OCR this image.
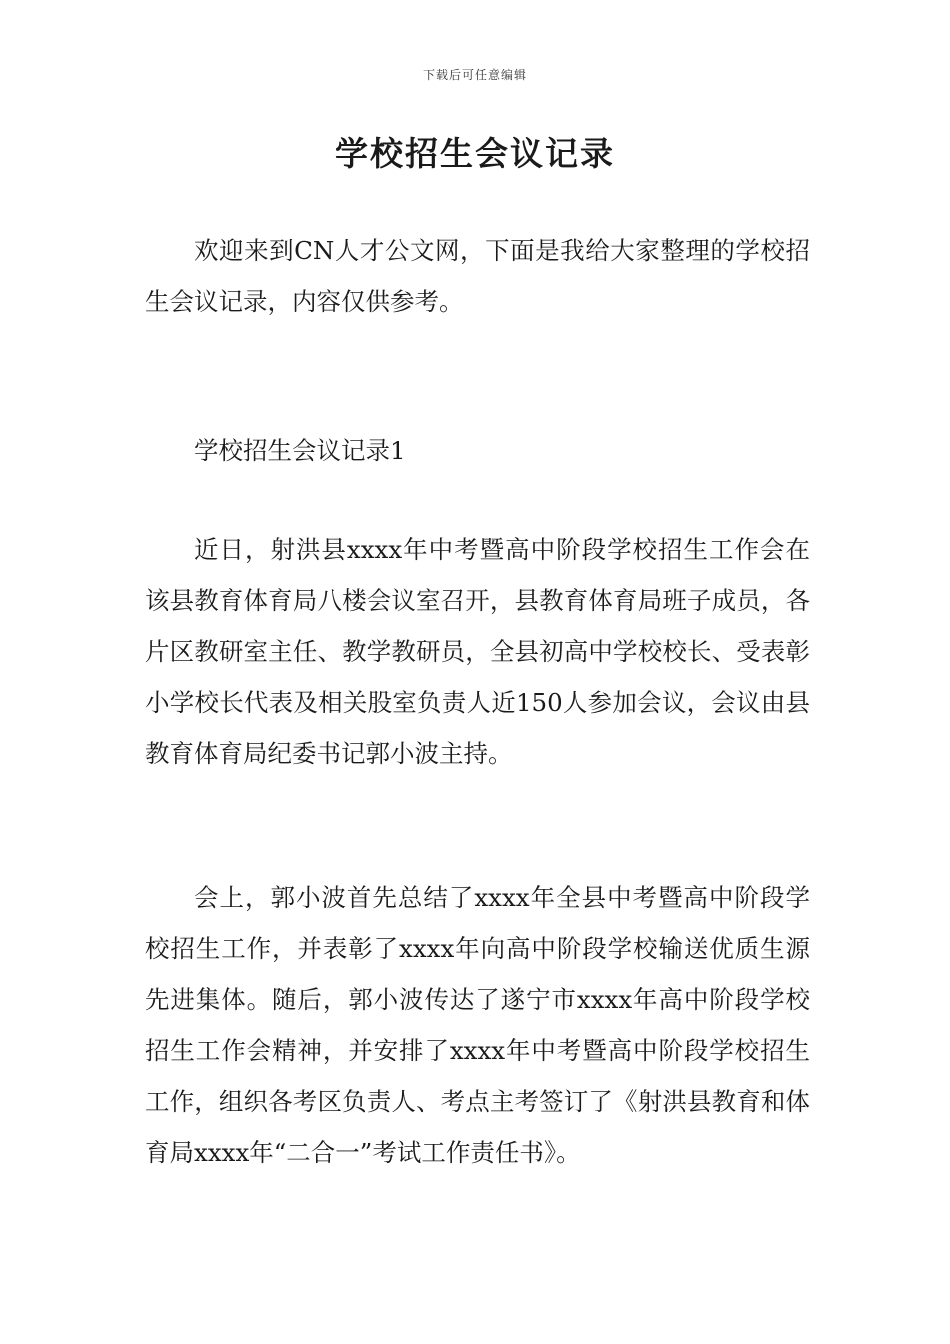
下载后可任意编辑
学校招生会议记录

欢迎来到CN人才公文网，下面是我给大家整理的学校招生会议记录，内容仅供参考。

学校招生会议记录1

近日，射洪县xxxx年中考暨高中阶段学校招生工作会在该县教育体育局八楼会议室召开，县教育体育局班子成员，各片区教研室主任、教学教研员，全县初高中学校校长、受表彰小学校长代表及相关股室负责人近150人参加会议，会议由县教育体育局纪委书记郭小波主持。

会上，郭小波首先总结了xxxx年全县中考暨高中阶段学校招生工作，并表彰了xxxx年向高中阶段学校输送优质生源先进集体。随后，郭小波传达了遂宁市xxxx年高中阶段学校招生工作会精神，并安排了xxxx年中考暨高中阶段学校招生工作，组织各考区负责人、考点主考签订了《射洪县教育和体育局xxxx年“二合一”考试工作责任书》。
